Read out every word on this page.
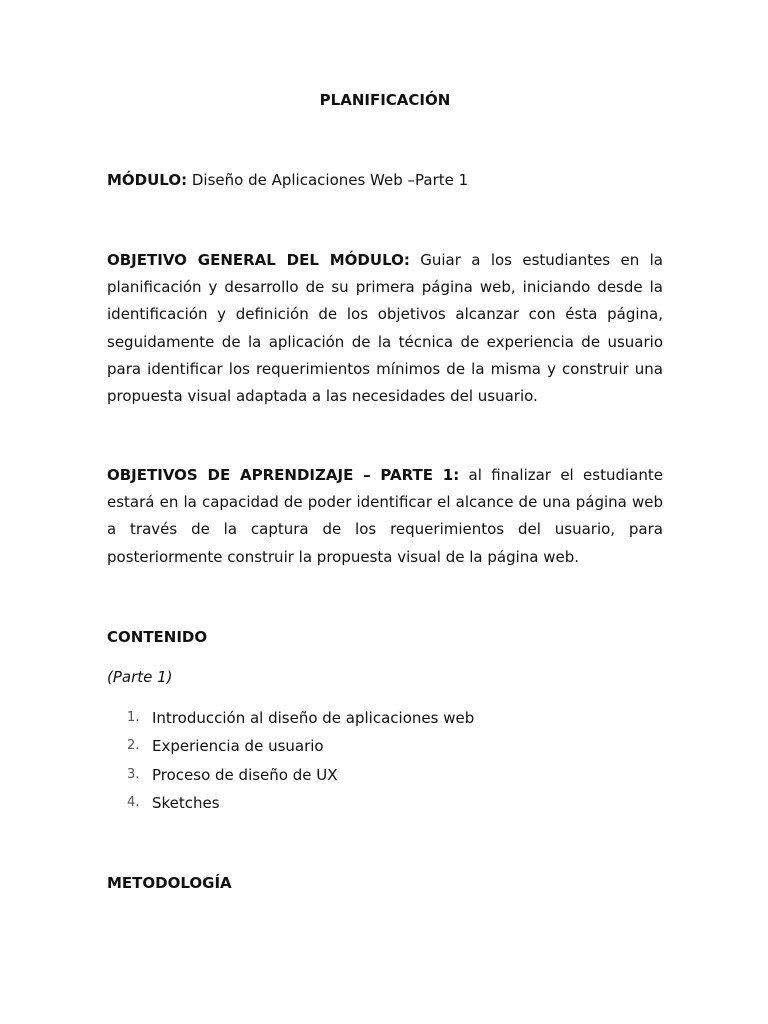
PLANIFICACIÓN

MÓDULO: Diseño de Aplicaciones Web –Parte 1

OBJETIVO GENERAL DEL MÓDULO: Guiar a los estudiantes en la planificación y desarrollo de su primera página web, iniciando desde la identificación y definición de los objetivos alcanzar con ésta página, seguidamente de la aplicación de la técnica de experiencia de usuario para identificar los requerimientos mínimos de la misma y construir una propuesta visual adaptada a las necesidades del usuario.

OBJETIVOS DE APRENDIZAJE – PARTE 1: al finalizar el estudiante estará en la capacidad de poder identificar el alcance de una página web a través de la captura de los requerimientos del usuario, para posteriormente construir la propuesta visual de la página web.

CONTENIDO

(Parte 1)

1. Introducción al diseño de aplicaciones web
2. Experiencia de usuario
3. Proceso de diseño de UX
4. Sketches

METODOLOGÍA
